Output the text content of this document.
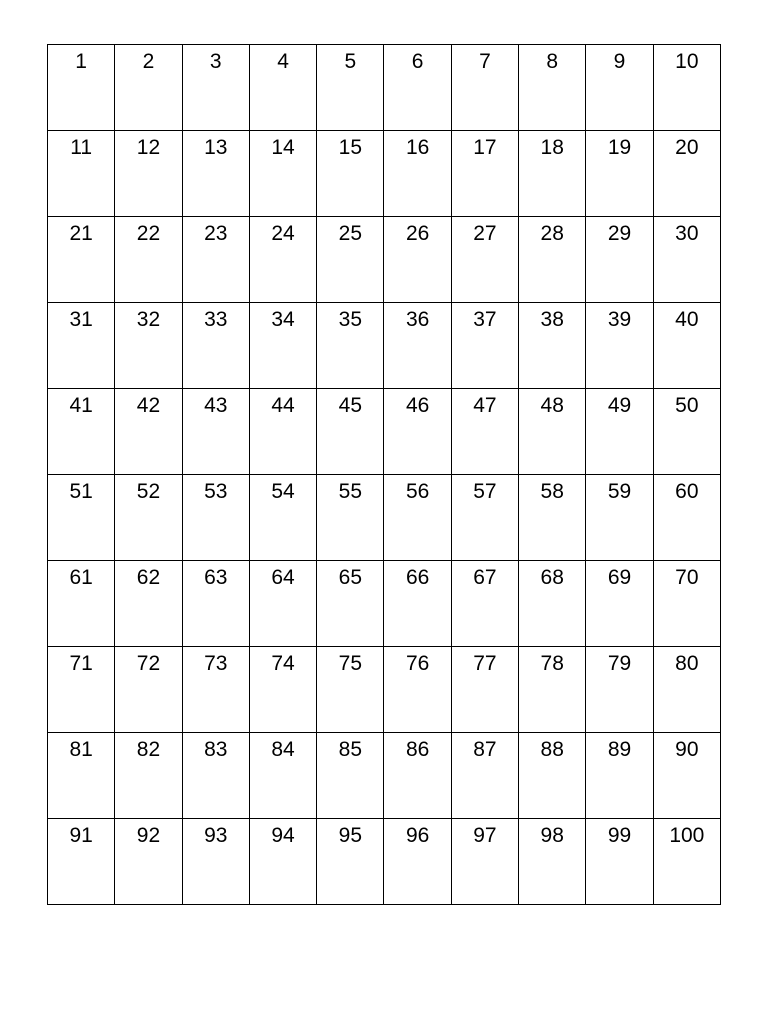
1	2	3	4	5	6	7	8	9	10

11	12	13	14	15	16	17	18	19	20

21	22	23	24	25	26	27	28	29	30

31	32	33	34	35	36	37	38	39	40

41	42	43	44	45	46	47	48	49	50

51	52	53	54	55	56	57	58	59	60

61	62	63	64	65	66	67	68	69	70

71	72	73	74	75	76	77	78	79	80

81	82	83	84	85	86	87	88	89	90

91	92	93	94	95	96	97	98	99	100
